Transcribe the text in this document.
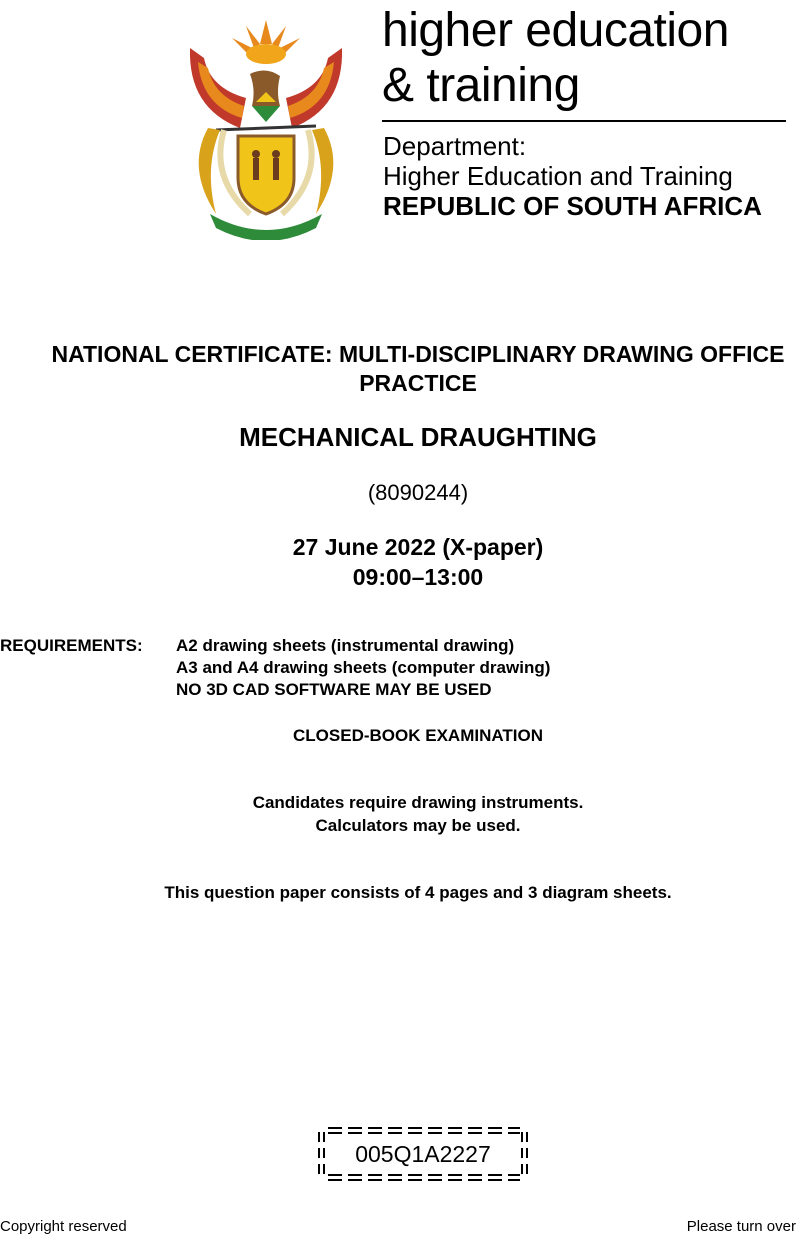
higher education
& training
Department:
Higher Education and Training
REPUBLIC OF SOUTH AFRICA
NATIONAL CERTIFICATE: MULTI-DISCIPLINARY DRAWING OFFICE PRACTICE
MECHANICAL DRAUGHTING
(8090244)
27 June 2022 (X-paper)
09:00–13:00
REQUIREMENTS: A2 drawing sheets (instrumental drawing)
A3 and A4 drawing sheets (computer drawing)
NO 3D CAD SOFTWARE MAY BE USED
CLOSED-BOOK EXAMINATION
Candidates require drawing instruments.
Calculators may be used.
This question paper consists of 4 pages and 3 diagram sheets.
005Q1A2227
Copyright reserved	Please turn over
